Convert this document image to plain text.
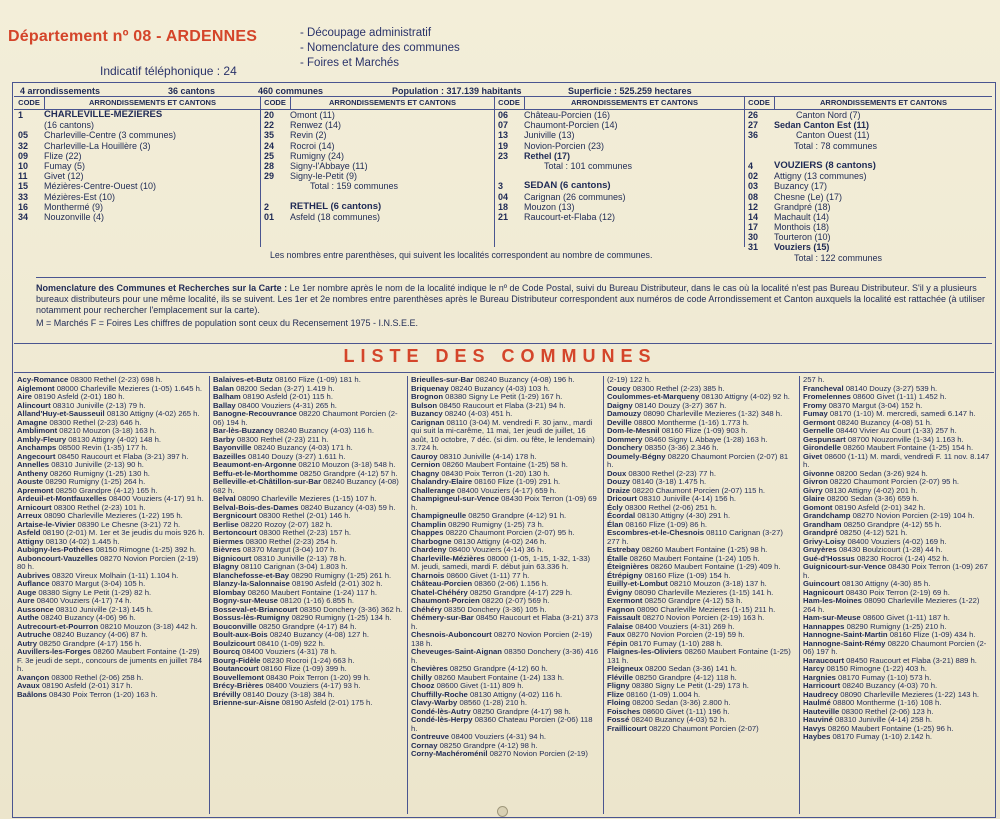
Département nº 08 - ARDENNES
-	Découpage administratif
- Nomenclature des communes
- Foires et Marchés
Indicatif téléphonique : 24
4 arrondissements	36 cantons	460 communes	Population : 317.139 habitants	Superficie : 525.259 hectares
CODE	ARRONDISSEMENTS ET CANTONS
1	CHARLEVILLE-MÉZIÈRES
(16 cantons)
05	Charleville-Centre (3 communes)
32	Charleville-La Houillère (3)
09	Flize (22)
10	Fumay (5)
11	Givet (12)
15	Mézières-Centre-Ouest (10)
33	Mézières-Est (10)
16	Monthermé (9)
34	Nouzonville (4)
CODE	ARRONDISSEMENTS ET CANTONS
20	Omont (11)
22	Renwez (14)
35	Revin (2)
24	Rocroi (14)
25	Rumigny (24)
28	Signy-l'Abbaye (11)
29	Signy-le-Petit (9)
Total : 159 communes
2	RETHEL (6 cantons)
01	Asfeld (18 communes)
CODE	ARRONDISSEMENTS ET CANTONS
06	Château-Porcien (16)
07	Chaumont-Porcien (14)
13	Juniville (13)
19	Novion-Porcien (23)
23	Rethel (17)
Total : 101 communes
3	SEDAN (6 cantons)
04	Carignan (26 communes)
18	Mouzon (13)
21	Raucourt-et-Flaba (12)
CODE	ARRONDISSEMENTS ET CANTONS
26	Canton Nord (7)
27	Sedan Canton Est (11)
36	Canton Ouest (11)
Total : 78 communes
4	VOUZIERS (8 cantons)
02	Attigny (13 communes)
03	Buzancy (17)
08	Chesne (Le) (17)
12	Grandpré (18)
14	Machault (14)
17	Monthois (18)
30	Tourteron (10)
31	Vouziers (15)
Total : 122 communes
Les nombres entre parenthèses, qui suivent les localités correspondent au nombre de communes.
Nomenclature des Communes et Recherches sur la Carte : Le 1er nombre après le nom de la localité indique le nº de Code Postal, suivi du Bureau Distributeur, dans le cas où la localité n'est pas Bureau Distributeur. S'il y a plusieurs bureaux distributeurs pour une même localité, ils se suivent. Les 1er et 2e nombres entre parenthèses après le Bureau Distributeur correspondent aux numéros de code Arrondissement et Canton auxquels la localité est rattachée (à utiliser notamment pour rechercher l'emplacement sur la carte).
M = Marchés F = Foires Les chiffres de population sont ceux du Recensement 1975 - I.N.S.E.E.
LISTE DES COMMUNES
Acy-Romance 08300 Rethel (2-23) 698 h.
Aiglemont 08000 Charleville Mezieres (1-05) 1.645 h.
Aire 08190 Asfeld (2-01) 180 h.
Alincourt 08310 Juniville (2-13) 79 h.
Alland'Huy-et-Sausseuil 08130 Attigny (4-02) 265 h.
Amagne 08300 Rethel (2-23) 646 h.
Amblimont 08210 Mouzon (3-18) 163 h.
Ambly-Fleury 08130 Attigny (4-02) 148 h.
Anchamps 08500 Revin (1-35) 177 h.
Angecourt 08450 Raucourt et Flaba (3-21) 397 h.
Annelles 08310 Juniville (2-13) 90 h.
Antheny 08260 Rumigny (1-25) 130 h.
Aouste 08290 Rumigny (1-25) 264 h.
Apremont 08250 Grandpre (4-12) 165 h.
Ardeuil-et-Montfauxelles 08400 Vouziers (4-17) 91 h.
Arnicourt 08300 Rethel (2-23) 101 h.
Arreux 08090 Charleville Mezieres (1-22) 195 h.
Artaise-le-Vivier 08390 Le Chesne (3-21) 72 h.
Asfeld 08190 (2-01) M. 1er et 3e jeudis du mois 926 h.
Attigny 08130 (4-02) 1.445 h.
Aubigny-les-Pothées 08150 Rimogne (1-25) 392 h.
Auboncourt-Vauzelles 08270 Novion Porcien (2-19) 80 h.
Aubrives 08320 Vireux Molhain (1-11) 1.104 h.
Auflance 08370 Margut (3-04) 105 h.
Auge 08380 Signy Le Petit (1-29) 82 h.
Aure 08400 Vouziers (4-17) 74 h.
Aussonce 08310 Juniville (2-13) 145 h.
Authe 08240 Buzancy (4-06) 96 h.
Autrecourt-et-Pourron 08210 Mouzon (3-18) 442 h.
Autruche 08240 Buzancy (4-06) 87 h.
Autry 08250 Grandpre (4-17) 156 h.
Auvillers-les-Forges 08260 Maubert Fontaine (1-29) F. 3e jeudi de sept., concours de juments en juillet 784 h.
Avançon 08300 Rethel (2-06) 258 h.
Avaux 08190 Asfeld (2-01) 317 h.
Baâlons 08430 Poix Terron (1-20) 163 h.
Balaives-et-Butz 08160 Flize (1-09) 181 h.
Balan 08200 Sedan (3-27) 1.419 h.
Balham 08190 Asfeld (2-01) 115 h.
Ballay 08400 Vouziers (4-31) 265 h.
Banogne-Recouvrance 08220 Chaumont Porcien (2-06) 194 h.
Bar-lès-Buzancy 08240 Buzancy (4-03) 116 h.
Barby 08300 Rethel (2-23) 211 h.
Bayonville 08240 Buzancy (4-03) 171 h.
Bazeilles 08140 Douzy (3-27) 1.611 h.
Beaumont-en-Argonne 08210 Mouzon (3-18) 548 h.
Beffu-et-le-Morthomme 08250 Grandpre (4-12) 57 h.
Belleville-et-Châtillon-sur-Bar 08240 Buzancy (4-08) 682 h.
Belval 08090 Charleville Mezieres (1-15) 107 h.
Belval-Bois-des-Dames 08240 Buzancy (4-03) 59 h.
Bergnicourt 08300 Rethel (2-01) 146 h.
Berlise 08220 Rozoy (2-07) 182 h.
Bertoncourt 08300 Rethel (2-23) 157 h.
Biermes 08300 Rethel (2-23) 254 h.
Bièvres 08370 Margut (3-04) 107 h.
Bignicourt 08310 Juniville (2-13) 78 h.
Blagny 08110 Carignan (3-04) 1.803 h.
Blanchefosse-et-Bay 08290 Rumigny (1-25) 261 h.
Blanzy-la-Salonnaise 08190 Asfeld (2-01) 302 h.
Blombay 08260 Maubert Fontaine (1-24) 117 h.
Bogny-sur-Meuse 08120 (1-16) 6.855 h.
Bosseval-et-Briancourt 08350 Donchery (3-36) 362 h.
Bossus-lès-Rumigny 08290 Rumigny (1-25) 134 h.
Bouconville 08250 Grandpre (4-17) 84 h.
Boult-aux-Bois 08240 Buzancy (4-08) 127 h.
Boulzicourt 08410 (1-09) 922 h.
Bourcq 08400 Vouziers (4-31) 78 h.
Bourg-Fidèle 08230 Rocroi (1-24) 663 h.
Boutancourt 08160 Flize (1-09) 399 h.
Bouvellemont 08430 Poix Terron (1-20) 99 h.
Brécy-Brières 08400 Vouziers (4-17) 93 h.
Brévilly 08140 Douzy (3-18) 384 h.
Brienne-sur-Aisne 08190 Asfeld (2-01) 175 h.
Brieulles-sur-Bar 08240 Buzancy (4-08) 196 h.
Briquenay 08240 Buzancy (4-03) 103 h.
Brognon 08380 Signy Le Petit (1-29) 167 h.
Bulson 08450 Raucourt et Flaba (3-21) 94 h.
Buzancy 08240 (4-03) 451 h.
Carignan 08110 (3-04) M. vendredi F. 30 janv., mardi qui suit la mi-carême, 11 mai, 1er jeudi de juillet, 16 août, 10 octobre, 7 déc. (si dim. ou fête, le lendemain) 3.724 h.
Cauroy 08310 Juniville (4-14) 178 h.
Cernion 08260 Maubert Fontaine (1-25) 58 h.
Chagny 08430 Poix Terron (1-20) 130 h.
Chalandry-Elaire 08160 Flize (1-09) 291 h.
Challerange 08400 Vouziers (4-17) 659 h.
Champigneul-sur-Vence 08430 Poix Terron (1-09) 69 h.
Champigneulle 08250 Grandpre (4-12) 91 h.
Champlin 08290 Rumigny (1-25) 73 h.
Chappes 08220 Chaumont Porcien (2-07) 95 h.
Charbogne 08130 Attigny (4-02) 246 h.
Chardeny 08400 Vouziers (4-14) 36 h.
Charleville-Mézières 08000 (1-05, 1-15, 1-32, 1-33) M. jeudi, samedi, mardi F. début juin 63.336 h.
Charnois 08600 Givet (1-11) 77 h.
Château-Porcien 08360 (2-06) 1.156 h.
Chatel-Chéhéry 08250 Grandpre (4-17) 229 h.
Chaumont-Porcien 08220 (2-07) 569 h.
Chéhéry 08350 Donchery (3-36) 105 h.
Chémery-sur-Bar 08450 Raucourt et Flaba (3-21) 373 h.
Chesnois-Auboncourt 08270 Novion Porcien (2-19) 138 h.
Cheveuges-Saint-Aignan 08350 Donchery (3-36) 416 h.
Chevières 08250 Grandpre (4-12) 60 h.
Chilly 08260 Maubert Fontaine (1-24) 133 h.
Chooz 08600 Givet (1-11) 809 h.
Chuffilly-Roche 08130 Attigny (4-02) 116 h.
Clavy-Warby 08560 (1-28) 210 h.
Condé-lès-Autry 08250 Grandpre (4-17) 98 h.
Condé-lès-Herpy 08360 Chateau Porcien (2-06) 118 h.
Contreuve 08400 Vouziers (4-31) 94 h.
Cornay 08250 Grandpre (4-12) 98 h.
Corny-Machéroménil 08270 Novion Porcien (2-19)
(2-19) 122 h.
Coucy 08300 Rethel (2-23) 385 h.
Coulommes-et-Marqueny 08130 Attigny (4-02) 92 h.
Daigny 08140 Douzy (3-27) 367 h.
Damouzy 08090 Charleville Mezieres (1-32) 348 h.
Deville 08800 Montherme (1-16) 1.773 h.
Dom-le-Mesnil 08160 Flize (1-09) 903 h.
Dommery 08460 Signy L Abbaye (1-28) 163 h.
Donchery 08350 (3-36) 2.346 h.
Doumely-Bégny 08220 Chaumont Porcien (2-07) 81 h.
Doux 08300 Rethel (2-23) 77 h.
Douzy 08140 (3-18) 1.475 h.
Draize 08220 Chaumont Porcien (2-07) 115 h.
Dricourt 08310 Juniville (4-14) 156 h.
Écly 08300 Rethel (2-06) 251 h.
Écordal 08130 Attigny (4-30) 291 h.
Élan 08160 Flize (1-09) 86 h.
Escombres-et-le-Chesnois 08110 Carignan (3-27) 277 h.
Estrebay 08260 Maubert Fontaine (1-25) 98 h.
Étalle 08260 Maubert Fontaine (1-24) 105 h.
Éteignières 08260 Maubert Fontaine (1-29) 409 h.
Étrépigny 08160 Flize (1-09) 154 h.
Euilly-et-Lombut 08210 Mouzon (3-18) 137 h.
Évigny 08090 Charleville Mezieres (1-15) 141 h.
Exermont 08250 Grandpre (4-12) 53 h.
Fagnon 08090 Charleville Mezieres (1-15) 211 h.
Faissault 08270 Novion Porcien (2-19) 163 h.
Falaise 08400 Vouziers (4-31) 269 h.
Faux 08270 Novion Porcien (2-19) 59 h.
Fépin 08170 Fumay (1-10) 288 h.
Flaignes-les-Oliviers 08260 Maubert Fontaine (1-25) 131 h.
Fleigneux 08200 Sedan (3-36) 141 h.
Fléville 08250 Grandpre (4-12) 118 h.
Fligny 08380 Signy Le Petit (1-29) 173 h.
Flize 08160 (1-09) 1.004 h.
Floing 08200 Sedan (3-36) 2.800 h.
Foisches 08600 Givet (1-11) 196 h.
Fossé 08240 Buzancy (4-03) 52 h.
Fraillicourt 08220 Chaumont Porcien (2-07)
257 h.
Francheval 08140 Douzy (3-27) 539 h.
Fromelennes 08600 Givet (1-11) 1.452 h.
Fromy 08370 Margut (3-04) 152 h.
Fumay 08170 (1-10) M. mercredi, samedi 6.147 h.
Germont 08240 Buzancy (4-08) 51 h.
Gernelle 08440 Vivier Au Court (1-33) 257 h.
Gespunsart 08700 Nouzonville (1-34) 1.163 h.
Girondelle 08260 Maubert Fontaine (1-25) 154 h.
Givet 08600 (1-11) M. mardi, vendredi F. 11 nov. 8.147 h.
Givonne 08200 Sedan (3-26) 924 h.
Givron 08220 Chaumont Porcien (2-07) 95 h.
Givry 08130 Attigny (4-02) 201 h.
Glaire 08200 Sedan (3-36) 659 h.
Gomont 08190 Asfeld (2-01) 342 h.
Grandchamp 08270 Novion Porcien (2-19) 104 h.
Grandham 08250 Grandpre (4-12) 55 h.
Grandpré 08250 (4-12) 521 h.
Grivy-Loisy 08400 Vouziers (4-02) 169 h.
Gruyères 08430 Boulzicourt (1-28) 44 h.
Gué-d'Hossus 08230 Rocroi (1-24) 452 h.
Guignicourt-sur-Vence 08430 Poix Terron (1-09) 267 h.
Guincourt 08130 Attigny (4-30) 85 h.
Hagnicourt 08430 Poix Terron (2-19) 69 h.
Ham-les-Moines 08090 Charleville Mezieres (1-22) 264 h.
Ham-sur-Meuse 08600 Givet (1-11) 187 h.
Hannappes 08290 Rumigny (1-25) 210 h.
Hannogne-Saint-Martin 08160 Flize (1-09) 434 h.
Hannogne-Saint-Rémy 08220 Chaumont Porcien (2-06) 197 h.
Haraucourt 08450 Raucourt et Flaba (3-21) 889 h.
Harcy 08150 Rimogne (1-22) 403 h.
Hargnies 08170 Fumay (1-10) 573 h.
Harricourt 08240 Buzancy (4-03) 70 h.
Haudrecy 08090 Charleville Mezieres (1-22) 143 h.
Haulmé 08800 Montherme (1-16) 108 h.
Hauteville 08300 Rethel (2-06) 123 h.
Hauviné 08310 Juniville (4-14) 258 h.
Havys 08260 Maubert Fontaine (1-25) 96 h.
Haybes 08170 Fumay (1-10) 2.142 h.
